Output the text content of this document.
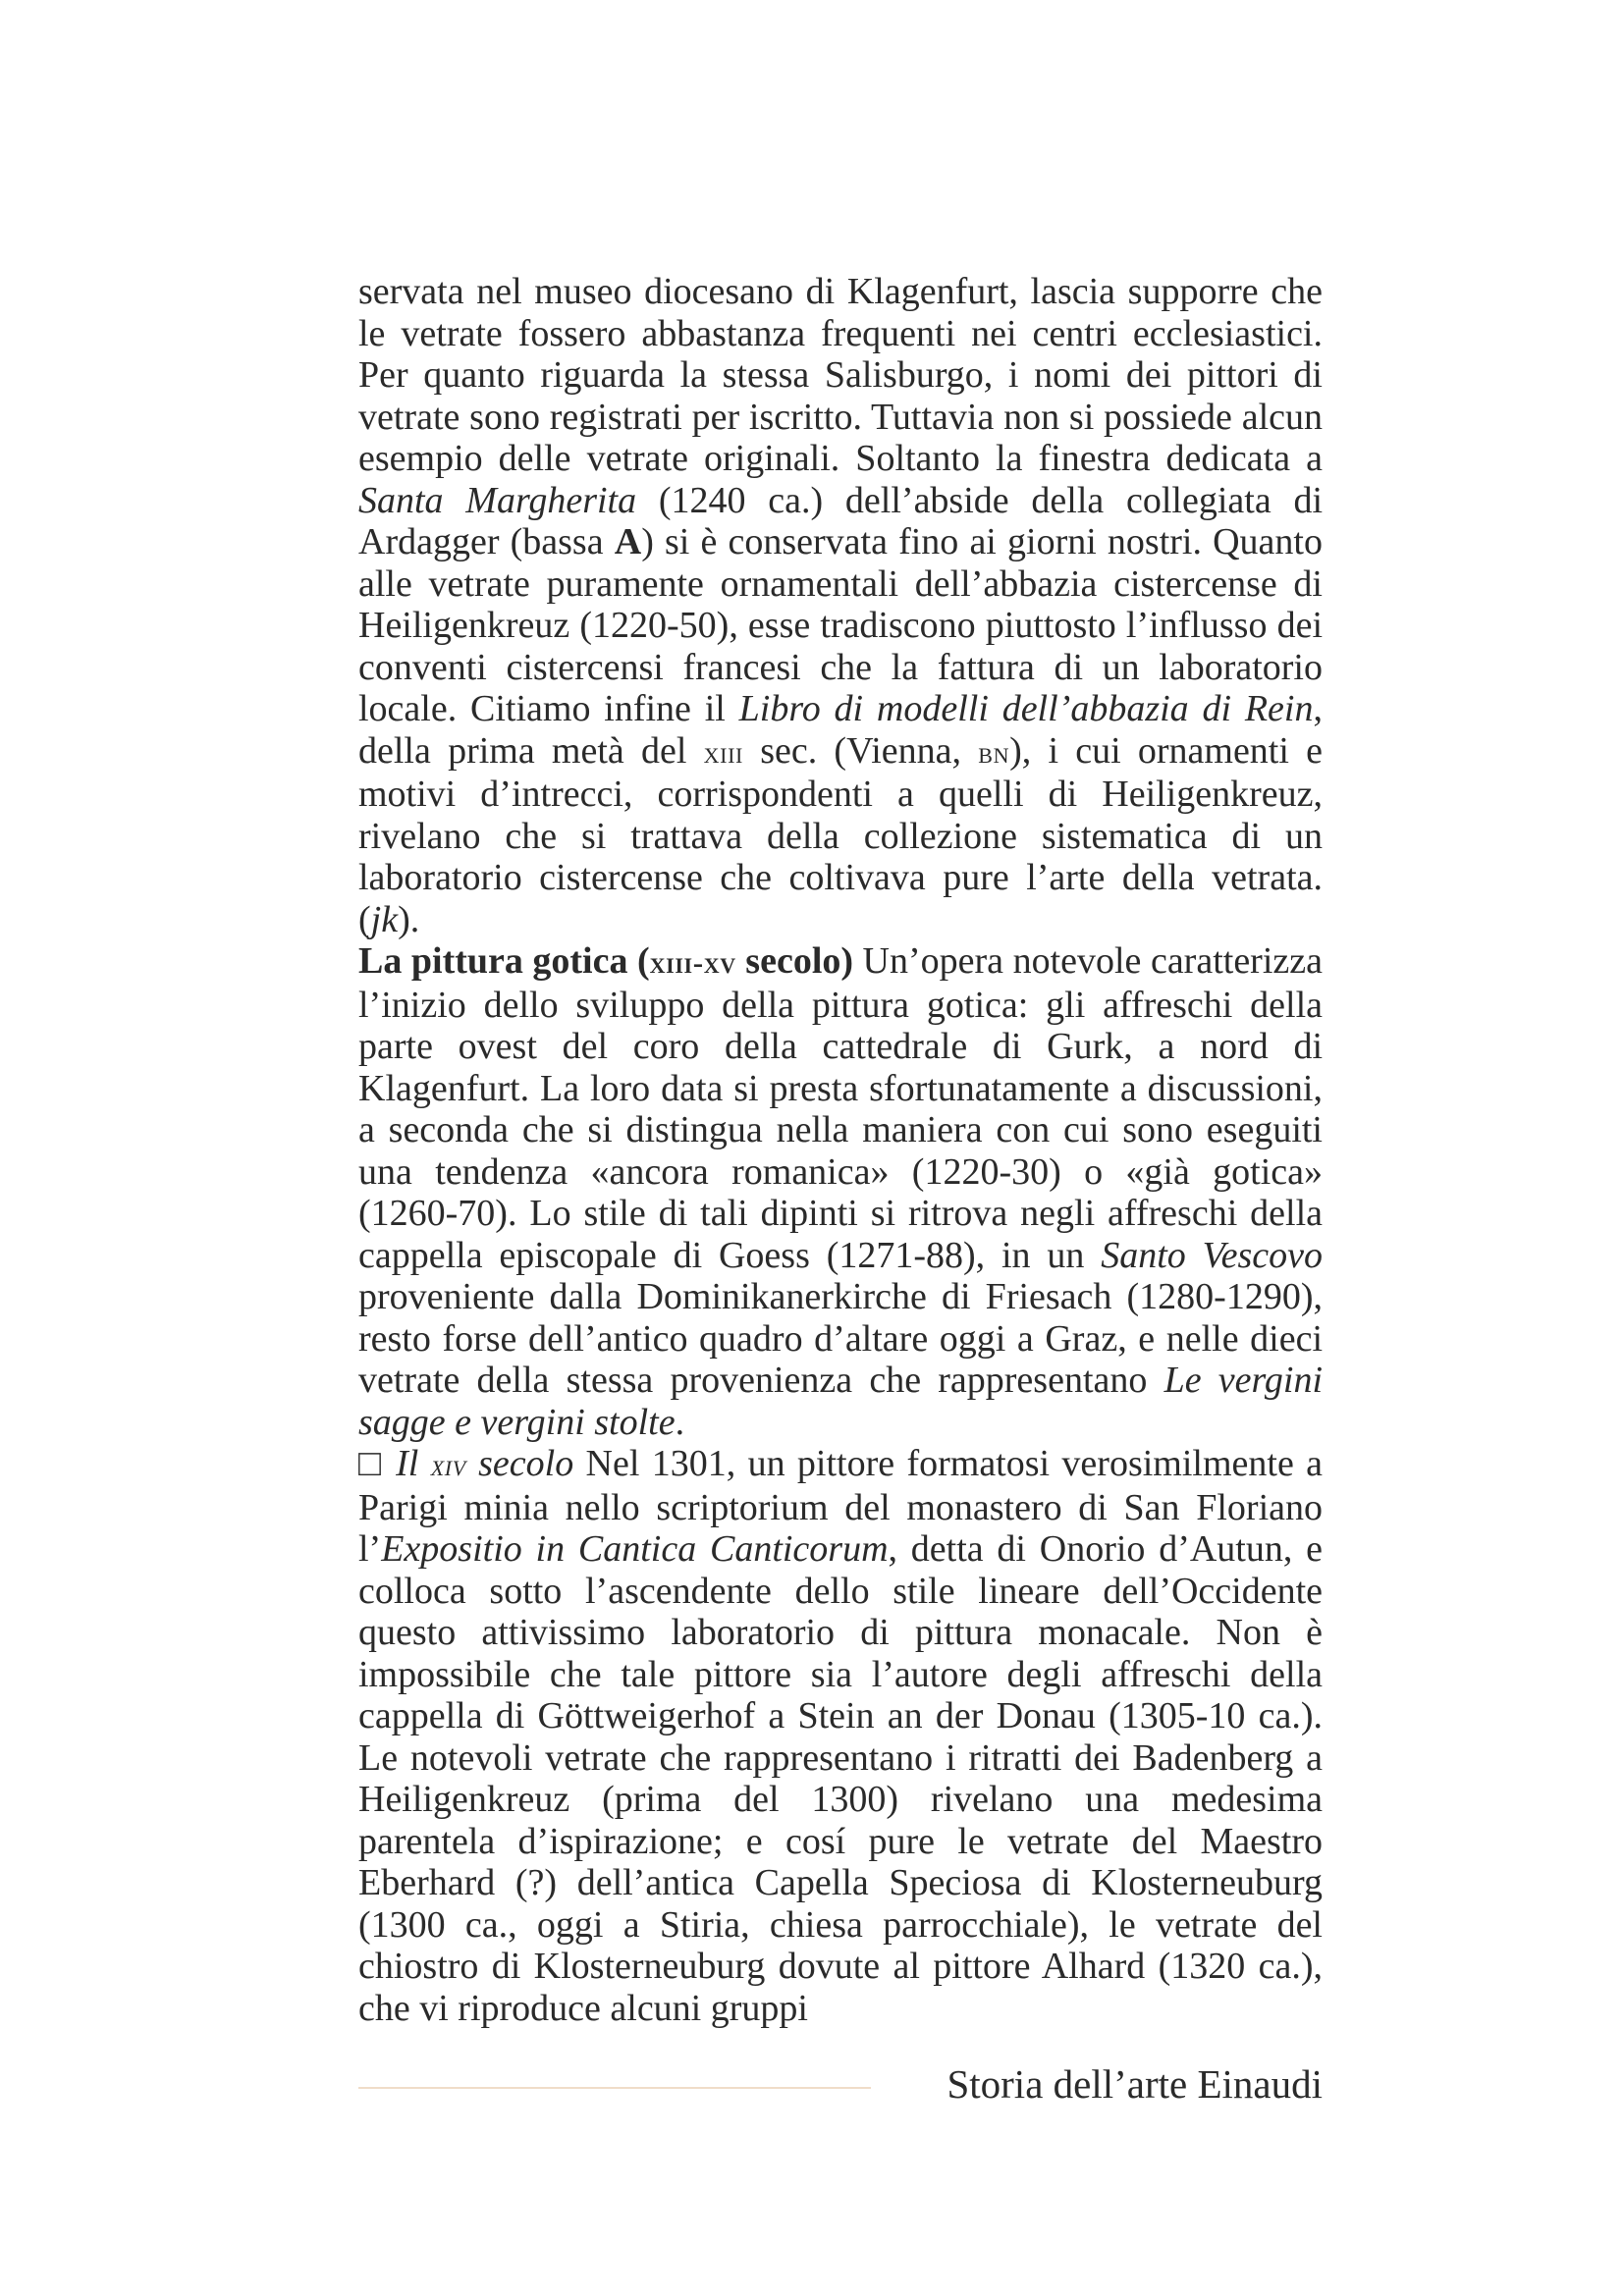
servata nel museo diocesano di Klagenfurt, lascia supporre che le vetrate fossero abbastanza frequenti nei centri ecclesiastici. Per quanto riguarda la stessa Salisburgo, i nomi dei pittori di vetrate sono registrati per iscritto. Tuttavia non si possiede alcun esempio delle vetrate originali. Soltanto la finestra dedicata a Santa Margherita (1240 ca.) dell’abside della collegiata di Ardagger (bassa A) si è conservata fino ai giorni nostri. Quanto alle vetrate puramente ornamentali dell’abbazia cistercense di Heiligenkreuz (1220-50), esse tradiscono piuttosto l’influsso dei conventi cistercensi francesi che la fattura di un laboratorio locale. Citiamo infine il Libro di modelli dell’abbazia di Rein, della prima metà del xiii sec. (Vienna, bn), i cui ornamenti e motivi d’intrecci, corrispondenti a quelli di Heiligenkreuz, rivelano che si trattava della collezione sistematica di un laboratorio cistercense che coltivava pure l’arte della vetrata. (jk).

La pittura gotica (xiii-xv secolo) Un’opera notevole caratterizza l’inizio dello sviluppo della pittura gotica: gli affreschi della parte ovest del coro della cattedrale di Gurk, a nord di Klagenfurt. La loro data si presta sfortunatamente a discussioni, a seconda che si distingua nella maniera con cui sono eseguiti una tendenza «ancora romanica» (1220-30) o «già gotica» (1260-70). Lo stile di tali dipinti si ritrova negli affreschi della cappella episcopale di Goess (1271-88), in un Santo Vescovo proveniente dalla Dominikanerkirche di Friesach (1280-1290), resto forse dell’antico quadro d’altare oggi a Graz, e nelle dieci vetrate della stessa provenienza che rappresentano Le vergini sagge e vergini stolte.

□ Il xiv secolo Nel 1301, un pittore formatosi verosimilmente a Parigi minia nello scriptorium del monastero di San Floriano l’Expositio in Cantica Canticorum, detta di Onorio d’Autun, e colloca sotto l’ascendente dello stile lineare dell’Occidente questo attivissimo laboratorio di pittura monacale. Non è impossibile che tale pittore sia l’autore degli affreschi della cappella di Göttweigerhof a Stein an der Donau (1305-10 ca.). Le notevoli vetrate che rappresentano i ritratti dei Badenberg a Heiligenkreuz (prima del 1300) rivelano una medesima parentela d’ispirazione; e cosí pure le vetrate del Maestro Eberhard (?) dell’antica Capella Speciosa di Klosterneuburg (1300 ca., oggi a Stiria, chiesa parrocchiale), le vetrate del chiostro di Klosterneuburg dovute al pittore Alhard (1320 ca.), che vi riproduce alcuni gruppi

Storia dell’arte Einaudi
